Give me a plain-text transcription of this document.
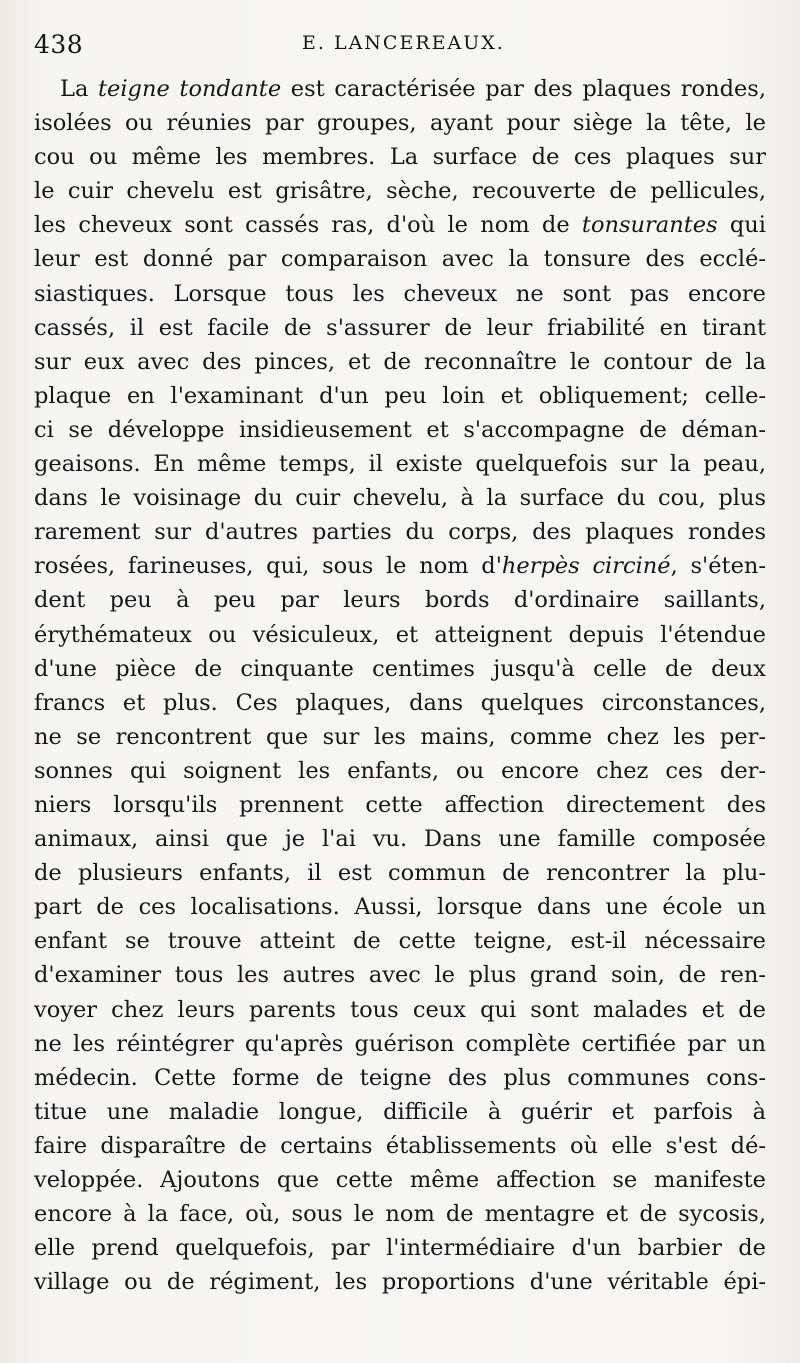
438	E. LANCEREAUX.
La teigne tondante est caractérisée par des plaques rondes,
isolées ou réunies par groupes, ayant pour siège la tête, le
cou ou même les membres. La surface de ces plaques sur
le cuir chevelu est grisâtre, sèche, recouverte de pellicules,
les cheveux sont cassés ras, d'où le nom de tonsurantes qui
leur est donné par comparaison avec la tonsure des ecclé-
siastiques. Lorsque tous les cheveux ne sont pas encore
cassés, il est facile de s'assurer de leur friabilité en tirant
sur eux avec des pinces, et de reconnaître le contour de la
plaque en l'examinant d'un peu loin et obliquement; celle-
ci se développe insidieusement et s'accompagne de déman-
geaisons. En même temps, il existe quelquefois sur la peau,
dans le voisinage du cuir chevelu, à la surface du cou, plus
rarement sur d'autres parties du corps, des plaques rondes
rosées, farineuses, qui, sous le nom d'herpès circiné, s'éten-
dent peu à peu par leurs bords d'ordinaire saillants,
érythémateux ou vésiculeux, et atteignent depuis l'étendue
d'une pièce de cinquante centimes jusqu'à celle de deux
francs et plus. Ces plaques, dans quelques circonstances,
ne se rencontrent que sur les mains, comme chez les per-
sonnes qui soignent les enfants, ou encore chez ces der-
niers lorsqu'ils prennent cette affection directement des
animaux, ainsi que je l'ai vu. Dans une famille composée
de plusieurs enfants, il est commun de rencontrer la plu-
part de ces localisations. Aussi, lorsque dans une école un
enfant se trouve atteint de cette teigne, est-il nécessaire
d'examiner tous les autres avec le plus grand soin, de ren-
voyer chez leurs parents tous ceux qui sont malades et de
ne les réintégrer qu'après guérison complète certifiée par un
médecin. Cette forme de teigne des plus communes cons-
titue une maladie longue, difficile à guérir et parfois à
faire disparaître de certains établissements où elle s'est dé-
veloppée. Ajoutons que cette même affection se manifeste
encore à la face, où, sous le nom de mentagre et de sycosis,
elle prend quelquefois, par l'intermédiaire d'un barbier de
village ou de régiment, les proportions d'une véritable épi-
